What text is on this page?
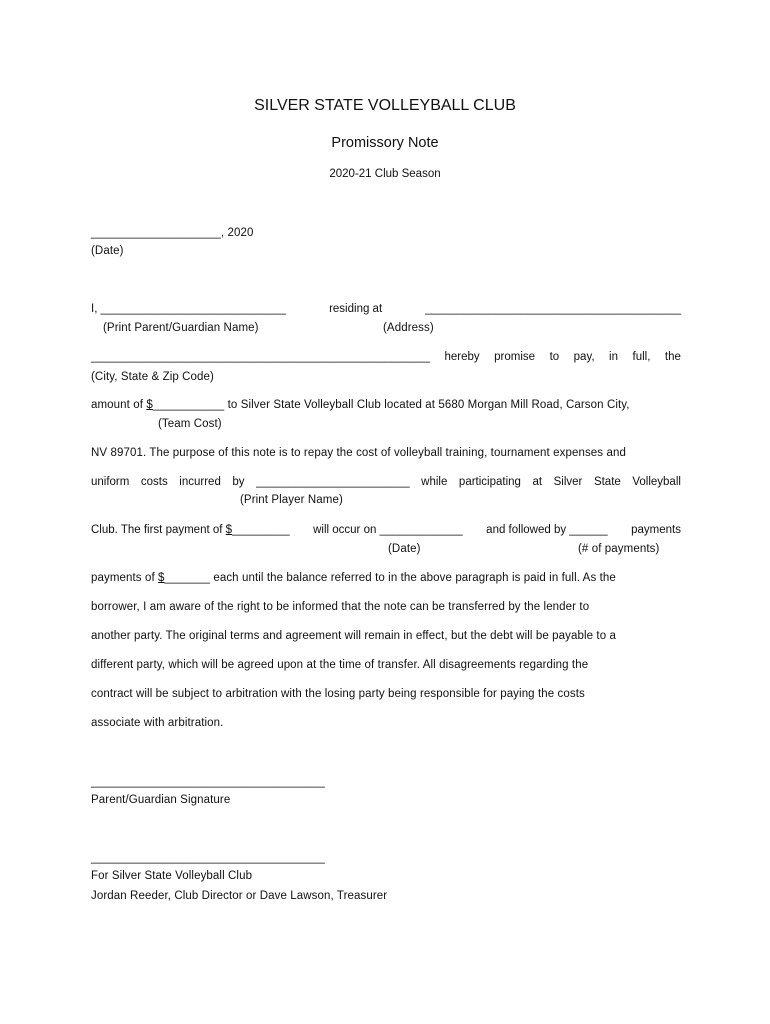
SILVER STATE VOLLEYBALL CLUB
Promissory Note
2020-21 Club Season
____________________, 2020
(Date)
I, _____________________________	residing at	________________________________________
(Print Parent/Guardian Name)	(Address)
_____________________________________________________ hereby promise to pay, in full, the
(City, State & Zip Code)
amount of $___________ to Silver State Volleyball Club located at 5680 Morgan Mill Road, Carson City,
(Team Cost)
NV 89701. The purpose of this note is to repay the cost of volleyball training, tournament expenses and
uniform costs incurred by ________________________ while participating at Silver State Volleyball
(Print Player Name)
Club. The first payment of $_________ will occur on _____________ and followed by ______ payments
(Date)	(# of payments)
payments of $_______ each until the balance referred to in the above paragraph is paid in full. As the
borrower, I am aware of the right to be informed that the note can be transferred by the lender to
another party. The original terms and agreement will remain in effect, but the debt will be payable to a
different party, which will be agreed upon at the time of transfer. All disagreements regarding the
contract will be subject to arbitration with the losing party being responsible for paying the costs
associate with arbitration.
____________________________________
Parent/Guardian Signature
____________________________________
For Silver State Volleyball Club
Jordan Reeder, Club Director or Dave Lawson, Treasurer
